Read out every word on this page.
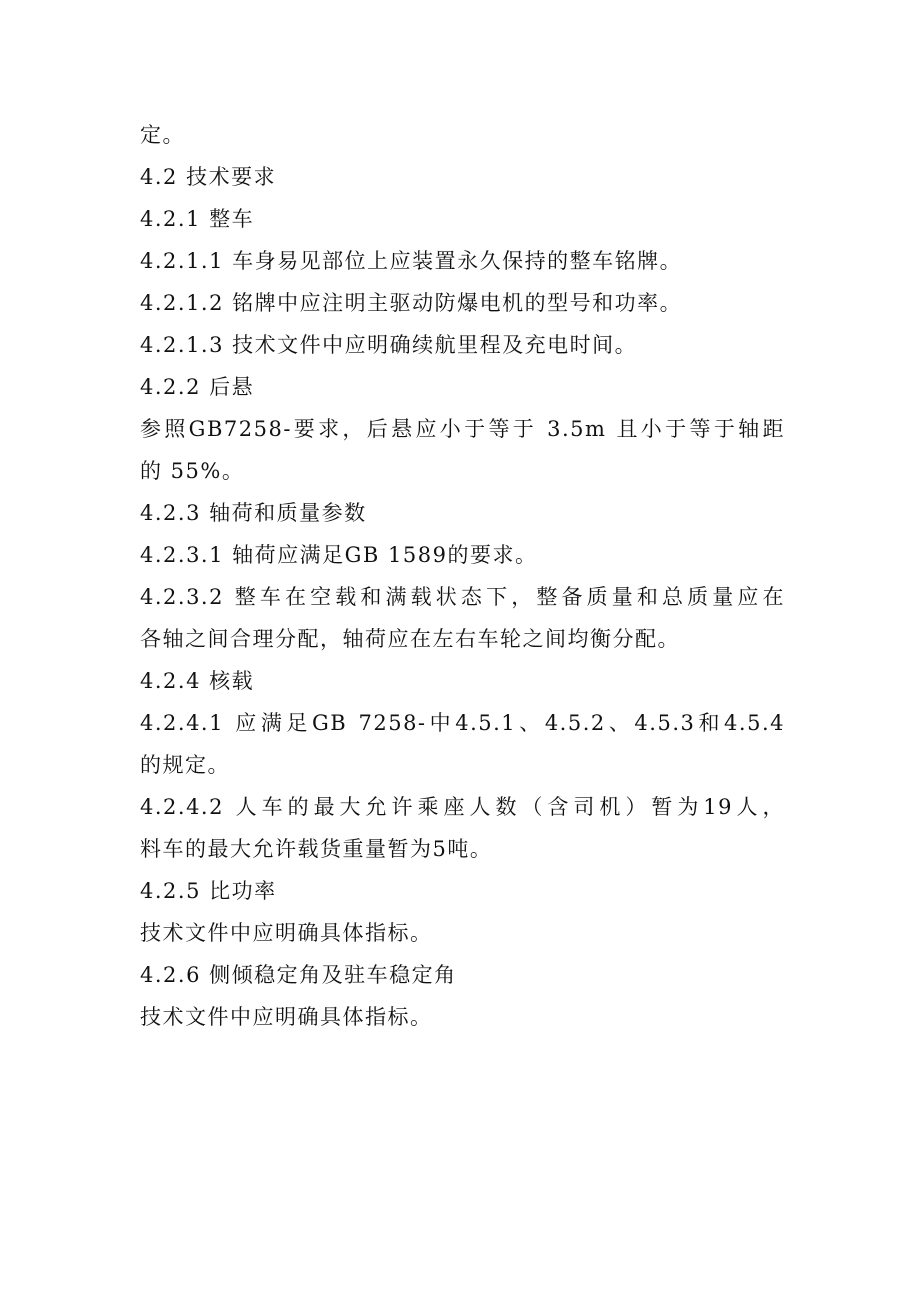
定。
4.2 技术要求
4.2.1 整车
4.2.1.1 车身易见部位上应装置永久保持的整车铭牌。
4.2.1.2 铭牌中应注明主驱动防爆电机的型号和功率。
4.2.1.3 技术文件中应明确续航里程及充电时间。
4.2.2 后悬
参照GB7258-要求，后悬应小于等于 3.5m 且小于等于轴距
的 55%。
4.2.3 轴荷和质量参数
4.2.3.1 轴荷应满足GB 1589的要求。
4.2.3.2 整车在空载和满载状态下，整备质量和总质量应在
各轴之间合理分配，轴荷应在左右车轮之间均衡分配。
4.2.4 核载
4.2.4.1 应满足GB 7258-中4.5.1、4.5.2、4.5.3和4.5.4
的规定。
4.2.4.2 人车的最大允许乘座人数（含司机）暂为19人，
料车的最大允许载货重量暂为5吨。
4.2.5 比功率
技术文件中应明确具体指标。
4.2.6 侧倾稳定角及驻车稳定角
技术文件中应明确具体指标。
